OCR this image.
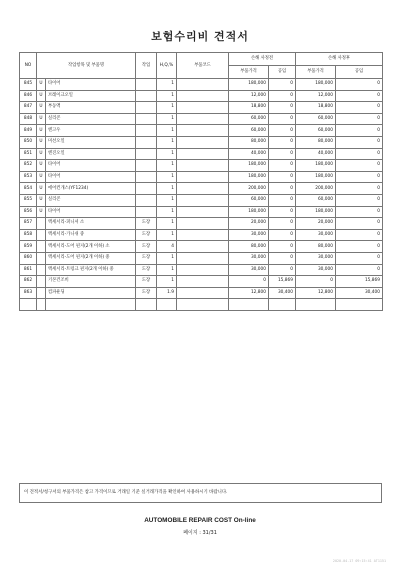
보험수리비 견적서
NO	작업항목 및 부품명		작업	H,Q,%	부품코드	손해 사정전		손해 사정후	
						부품가격	공임	부품가격	공임
845	U	타이어		1		180,000	0	180,000	0
846	U	브레이크오일		1		12,000	0	12,000	0
847	U	부동액		1		18,800	0	18,800	0
848	U	실리콘		1		60,000	0	60,000	0
849	U	엔고우		1		60,000	0	60,000	0
850	U	미션오일		1		80,000	0	80,000	0
851	U	엔진오일		1		40,000	0	40,000	0
852	U	타이어		1		180,000	0	180,000	0
853	U	타이어		1		180,000	0	180,000	0
854	U	에어컨개스(YF1234)		1		200,000	0	200,000	0
855	U	실리콘		1		60,000	0	60,000	0
856	U	타이어		1		180,000	0	180,000	0
857		액세서리-퍼니셔 소	도장	1		20,000	0	20,000	0
858		액세서리-가니쉬 중	도장	1		30,000	0	30,000	0
859		액세서리-도어 핀지(2개 이하) 소	도장	4		80,000	0	80,000	0
860		액세서리-도어 핀지(2개 이하) 중	도장	1		30,000	0	30,000	0
861		액세서리-트렁크 핀지(2개 이하) 중	도장	1		30,000	0	30,000	0
862		기본건조비	도장	1		0	15,869	0	15,869
863		컴파운딩	도장	1.9		12,800	30,400	12,800	30,400

이 견적서/청구서의 부품가격은 참고 가격이므로 거래일 기준 실거래가격을 확인하여 사용하시기 바랍니다.
AUTOMOBILE REPAIR COST On-line
페이지 : 31/31
2020-04-17 09:15:41 AT1151
